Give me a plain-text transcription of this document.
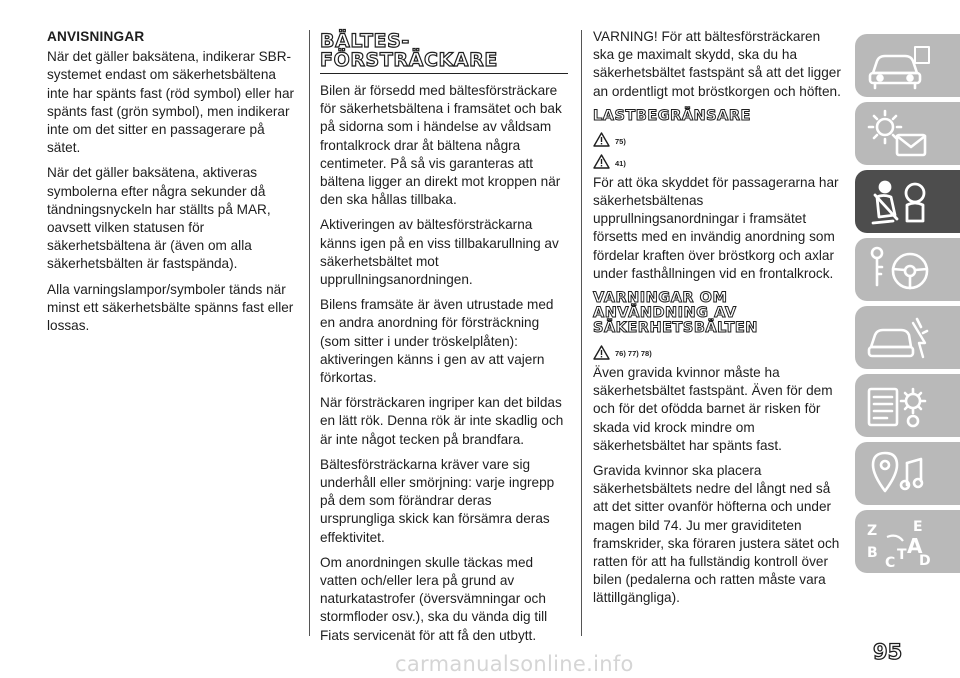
ANVISNINGAR

När det gäller baksätena, indikerar SBR-systemet endast om säkerhetsbältena inte har spänts fast (röd symbol) eller har spänts fast (grön symbol), men indikerar inte om det sitter en passagerare på sätet.

När det gäller baksätena, aktiveras symbolerna efter några sekunder då tändningsnyckeln har ställts på MAR, oavsett vilken statusen för säkerhetsbältena är (även om alla säkerhetsbälten är fastspända).

Alla varningslampor/symboler tänds när minst ett säkerhetsbälte spänns fast eller lossas.

BÄLTES-FÖRSTRÄCKARE

Bilen är försedd med bältesförsträckare för säkerhetsbältena i framsätet och bak på sidorna som i händelse av våldsam frontalkrock drar åt bältena några centimeter. På så vis garanteras att bältena ligger an direkt mot kroppen när den ska hållas tillbaka.

Aktiveringen av bältesförsträckarna känns igen på en viss tillbakarullning av säkerhetsbältet mot upprullningsanordningen.

Bilens framsäte är även utrustade med en andra anordning för försträckning (som sitter i under tröskelplåten): aktiveringen känns i gen av att vajern förkortas.

När försträckaren ingriper kan det bildas en lätt rök. Denna rök är inte skadlig och är inte något tecken på brandfara.

Bältesförsträckarna kräver vare sig underhåll eller smörjning: varje ingrepp på dem som förändrar deras ursprungliga skick kan försämra deras effektivitet.

Om anordningen skulle täckas med vatten och/eller lera på grund av naturkatastrofer (översvämningar och stormfloder osv.), ska du vända dig till Fiats servicenät för att få den utbytt.

VARNING! För att bältesförsträckaren ska ge maximalt skydd, ska du ha säkerhetsbältet fastspänt så att det ligger an ordentligt mot bröstkorgen och höften.

LASTBEGRÄNSARE
75)
41)

För att öka skyddet för passagerarna har säkerhetsbältenas upprullningsanordningar i framsätet försetts med en invändig anordning som fördelar kraften över bröstkorg och axlar under fasthållningen vid en frontalkrock.

VARNINGAR OM ANVÄNDNING AV SÄKERHETSBÄLTEN
76) 77) 78)

Även gravida kvinnor måste ha säkerhetsbältet fastspänt. Även för dem och för det ofödda barnet är risken för skada vid krock mindre om säkerhetsbältet har spänts fast.

Gravida kvinnor ska placera säkerhetsbältets nedre del långt ned så att det sitter ovanför höfterna och under magen bild 74. Ju mer graviditeten framskrider, ska föraren justera sätet och ratten för att ha fullständig kontroll över bilen (pedalerna och ratten måste vara lättillgängliga).

Z	E
B A
C T D
95
carmanualsonline.info
